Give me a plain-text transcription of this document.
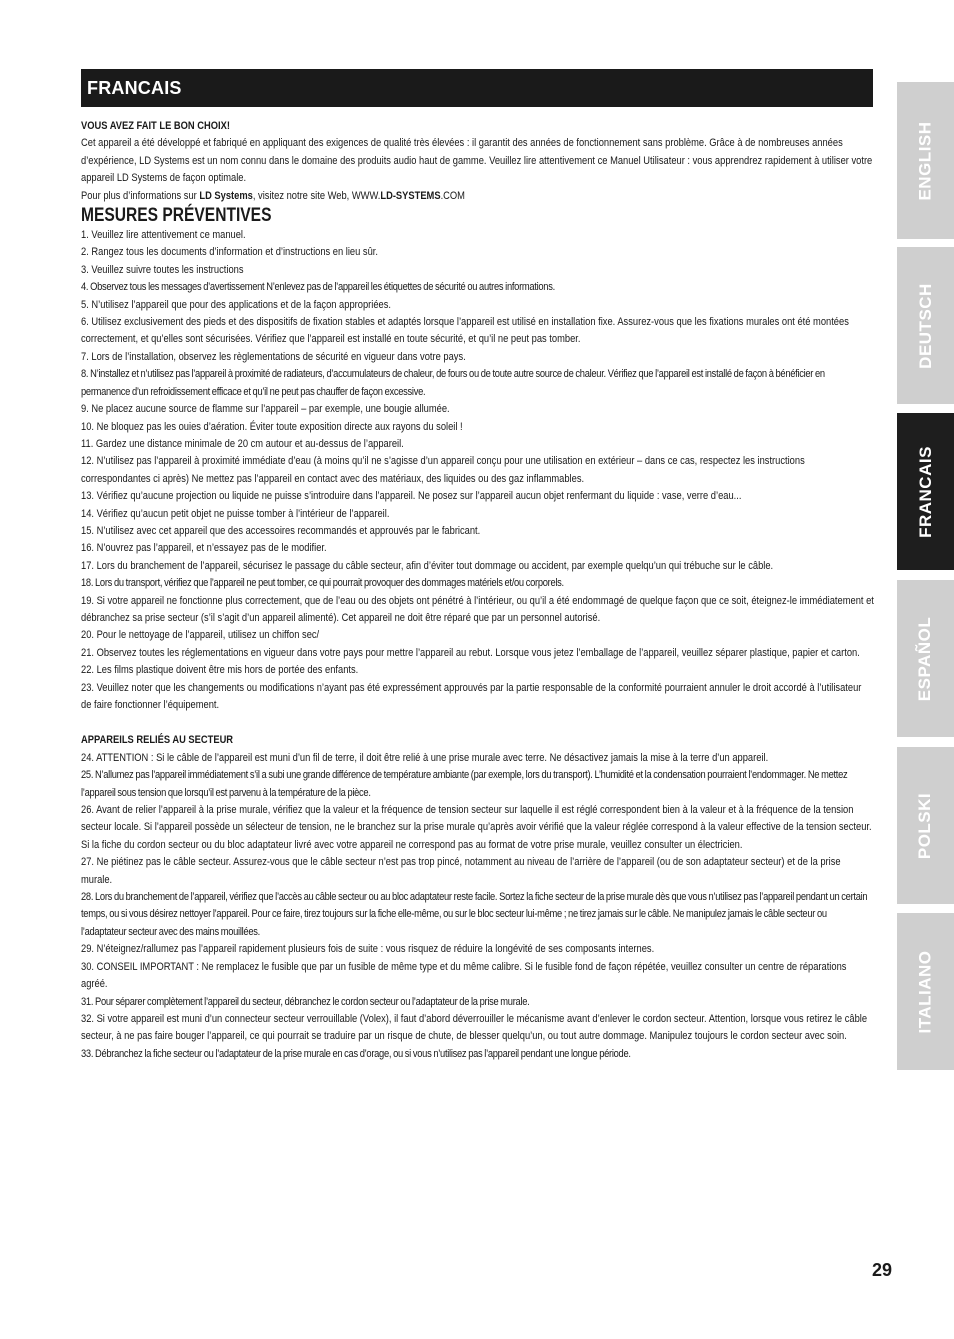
FRANCAIS

VOUS AVEZ FAIT LE BON CHOIX!

Cet appareil a été développé et fabriqué en appliquant des exigences de qualité très élevées : il garantit des années de fonctionnement sans problème. Grâce à de nombreuses années d’expérience, LD Systems est un nom connu dans le domaine des produits audio haut de gamme. Veuillez lire attentivement ce Manuel Utilisateur : vous apprendrez rapidement à utiliser votre appareil LD Systems de façon optimale.

Pour plus d’informations sur LD Systems, visitez notre site Web, WWW.LD-SYSTEMS.COM

MESURES PRÉVENTIVES

1. Veuillez lire attentivement ce manuel.

2. Rangez tous les documents d’information et d’instructions en lieu sûr.

3. Veuillez suivre toutes les instructions

4. Observez tous les messages d’avertissement N’enlevez pas de l’appareil les étiquettes de sécurité ou autres informations.

5. N’utilisez l’appareil que pour des applications et de la façon appropriées.

6. Utilisez exclusivement des pieds et des dispositifs de fixation stables et adaptés lorsque l’appareil est utilisé en installation fixe. Assurez-vous que les fixations murales ont été montées correctement, et qu’elles sont sécurisées. Vérifiez que l’appareil est installé en toute sécurité, et qu’il ne peut pas tomber.

7. Lors de l’installation, observez les règlementations de sécurité en vigueur dans votre pays.

8. N’installez et n’utilisez pas l’appareil à proximité de radiateurs, d’accumulateurs de chaleur, de fours ou de toute autre source de chaleur. Vérifiez que l’appareil est installé de façon à bénéficier en permanence d’un refroidissement efficace et qu’il ne peut pas chauffer de façon excessive.

9. Ne placez aucune source de flamme sur l’appareil – par exemple, une bougie allumée.

10. Ne bloquez pas les ouies d’aération. Éviter toute exposition directe aux rayons du soleil !

11. Gardez une distance minimale de 20 cm autour et au-dessus de l’appareil.

12. N’utilisez pas l’appareil à proximité immédiate d’eau (à moins qu’il ne s’agisse d’un appareil conçu pour une utilisation en extérieur – dans ce cas, respectez les instructions correspondantes ci après) Ne mettez pas l’appareil en contact avec des matériaux, des liquides ou des gaz inflammables.

13. Vérifiez qu’aucune projection ou liquide ne puisse s’introduire dans l’appareil. Ne posez sur l’appareil aucun objet renfermant du liquide : vase, verre d’eau...

14. Vérifiez qu’aucun petit objet ne puisse tomber à l’intérieur de l’appareil.

15. N’utilisez avec cet appareil que des accessoires recommandés et approuvés par le fabricant.

16. N’ouvrez pas l’appareil, et n’essayez pas de le modifier.

17. Lors du branchement de l’appareil, sécurisez le passage du câble secteur, afin d’éviter tout dommage ou accident, par exemple quelqu’un qui trébuche sur le câble.

18. Lors du transport, vérifiez que l’appareil ne peut tomber, ce qui pourrait provoquer des dommages matériels et/ou corporels.

19. Si votre appareil ne fonctionne plus correctement, que de l’eau ou des objets ont pénétré à l’intérieur, ou qu’il a été endommagé de quelque façon que ce soit, éteignez-le immédiatement et débranchez sa prise secteur (s’il s’agit d’un appareil alimenté). Cet appareil ne doit être réparé que par un personnel autorisé.

20. Pour le nettoyage de l’appareil, utilisez un chiffon sec/

21. Observez toutes les réglementations en vigueur dans votre pays pour mettre l’appareil au rebut. Lorsque vous jetez l’emballage de l’appareil, veuillez séparer plastique, papier et carton.

22. Les films plastique doivent être mis hors de portée des enfants.

23. Veuillez noter que les changements ou modifications n’ayant pas été expressément approuvés par la partie responsable de la conformité pourraient annuler le droit accordé à l’utilisateur de faire fonctionner l’équipement.

APPAREILS RELIÉS AU SECTEUR

24. ATTENTION : Si le câble de l’appareil est muni d’un fil de terre, il doit être relié à une prise murale avec terre. Ne désactivez jamais la mise à la terre d’un appareil.

25. N’allumez pas l’appareil immédiatement s’il a subi une grande différence de température ambiante (par exemple, lors du transport). L’humidité et la condensation pourraient l’endommager. Ne mettez l’appareil sous tension que lorsqu’il est parvenu à la température de la pièce.

26. Avant de relier l’appareil à la prise murale, vérifiez que la valeur et la fréquence de tension secteur sur laquelle il est réglé correspondent bien à la valeur et à la fréquence de la tension secteur locale. Si l’appareil possède un sélecteur de tension, ne le branchez sur la prise murale qu’après avoir vérifié que la valeur réglée correspond à la valeur effective de la tension secteur. Si la fiche du cordon secteur ou du bloc adaptateur livré avec votre appareil ne correspond pas au format de votre prise murale, veuillez consulter un électricien.

27. Ne piétinez pas le câble secteur. Assurez-vous que le câble secteur n’est pas trop pincé, notamment au niveau de l’arrière de l’appareil (ou de son adaptateur secteur) et de la prise murale.

28. Lors du branchement de l’appareil, vérifiez que l’accès au câble secteur ou au bloc adaptateur reste facile. Sortez la fiche secteur de la prise murale dès que vous n’utilisez pas l’appareil pendant un certain temps, ou si vous désirez nettoyer l’appareil. Pour ce faire, tirez toujours sur la fiche elle-même, ou sur le bloc secteur lui-même ; ne tirez jamais sur le câble. Ne manipulez jamais le câble secteur ou l’adaptateur secteur avec des mains mouillées.

29. N’éteignez/rallumez pas l’appareil rapidement plusieurs fois de suite : vous risquez de réduire la longévité de ses composants internes.

30. CONSEIL IMPORTANT : Ne remplacez le fusible que par un fusible de même type et du même calibre. Si le fusible fond de façon répétée, veuillez consulter un centre de réparations agréé.

31. Pour séparer complètement l’appareil du secteur, débranchez le cordon secteur ou l’adaptateur de la prise murale.

32. Si votre appareil est muni d’un connecteur secteur verrouillable (Volex), il faut d’abord déverrouiller le mécanisme avant d’enlever le cordon secteur. Attention, lorsque vous retirez le câble secteur, à ne pas faire bouger l’appareil, ce qui pourrait se traduire par un risque de chute, de blesser quelqu’un, ou tout autre dommage. Manipulez toujours le cordon secteur avec soin.

33. Débranchez la fiche secteur ou l’adaptateur de la prise murale en cas d’orage, ou si vous n’utilisez pas l’appareil pendant une longue période.

ENGLISH
DEUTSCH
FRANCAIS
ESPAÑOL
POLSKI
ITALIANO
29
